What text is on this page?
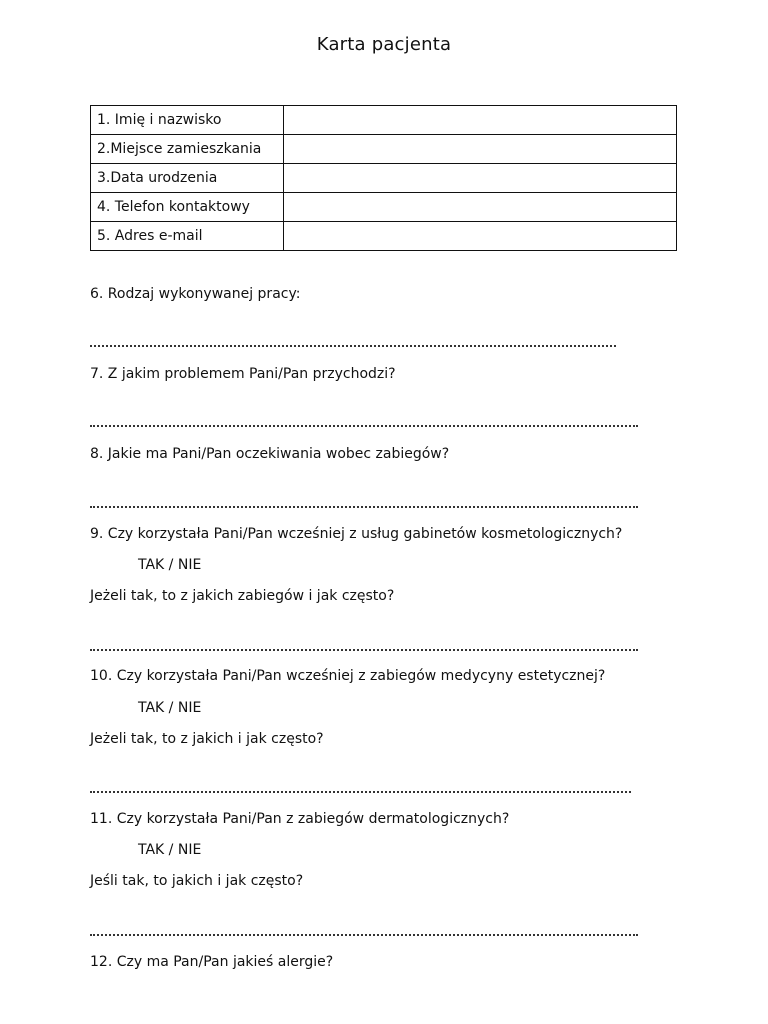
Karta pacjenta
1. Imię i nazwisko	
2.Miejsce zamieszkania	
3.Data urodzenia	
4. Telefon kontaktowy	
5. Adres e-mail	
6. Rodzaj wykonywanej pracy:
7. Z jakim problemem Pani/Pan przychodzi?
8. Jakie ma Pani/Pan oczekiwania wobec zabiegów?
9. Czy korzystała Pani/Pan wcześniej z usług gabinetów kosmetologicznych?
TAK / NIE
Jeżeli tak, to z jakich zabiegów i jak często?
10. Czy korzystała Pani/Pan wcześniej z zabiegów medycyny estetycznej?
TAK / NIE
Jeżeli tak, to z jakich i jak często?
11. Czy korzystała Pani/Pan z zabiegów dermatologicznych?
TAK / NIE
Jeśli tak, to jakich i jak często?
12. Czy ma Pan/Pan jakieś alergie?
